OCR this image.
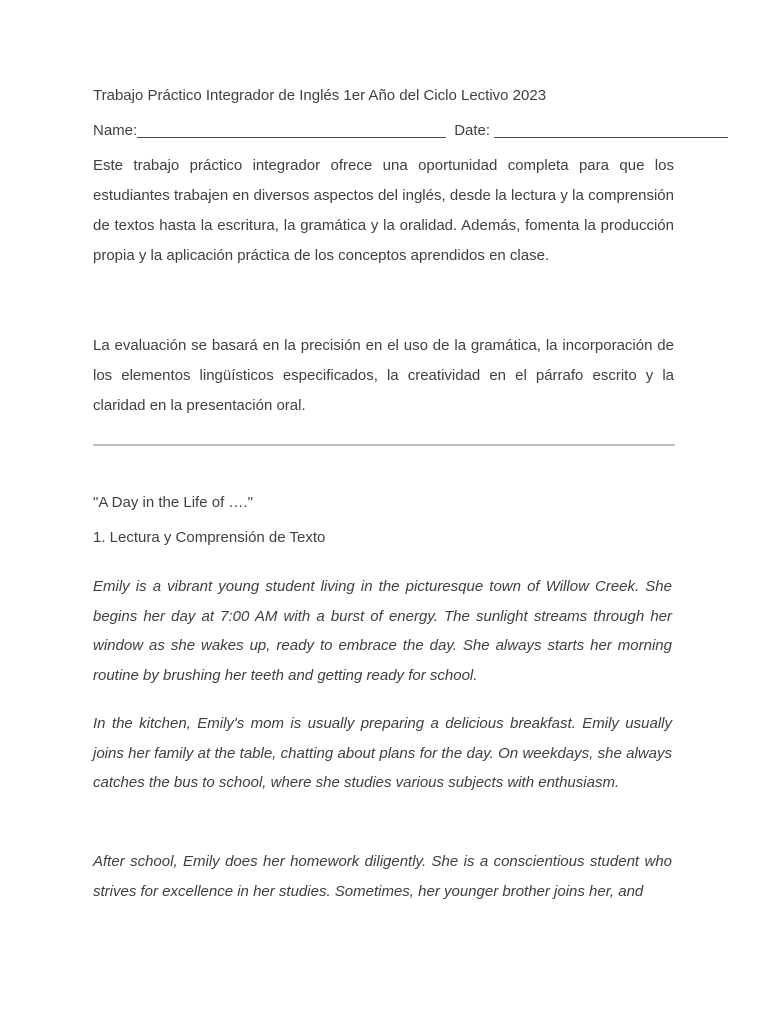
Trabajo Práctico Integrador de Inglés 1er Año del Ciclo Lectivo 2023

Name:_____________________________________  Date: ____________________________

Este trabajo práctico integrador ofrece una oportunidad completa para que los estudiantes trabajen en diversos aspectos del inglés, desde la lectura y la comprensión de textos hasta la escritura, la gramática y la oralidad. Además, fomenta la producción propia y la aplicación práctica de los conceptos aprendidos en clase.

La evaluación se basará en la precisión en el uso de la gramática, la incorporación de los elementos lingüísticos especificados, la creatividad en el párrafo escrito y la claridad en la presentación oral.

"A Day in the Life of …."

1. Lectura y Comprensión de Texto

Emily is a vibrant young student living in the picturesque town of Willow Creek. She begins her day at 7:00 AM with a burst of energy. The sunlight streams through her window as she wakes up, ready to embrace the day. She always starts her morning routine by brushing her teeth and getting ready for school.

In the kitchen, Emily's mom is usually preparing a delicious breakfast. Emily usually joins her family at the table, chatting about plans for the day. On weekdays, she always catches the bus to school, where she studies various subjects with enthusiasm.

After school, Emily does her homework diligently. She is a conscientious student who strives for excellence in her studies. Sometimes, her younger brother joins her, and
